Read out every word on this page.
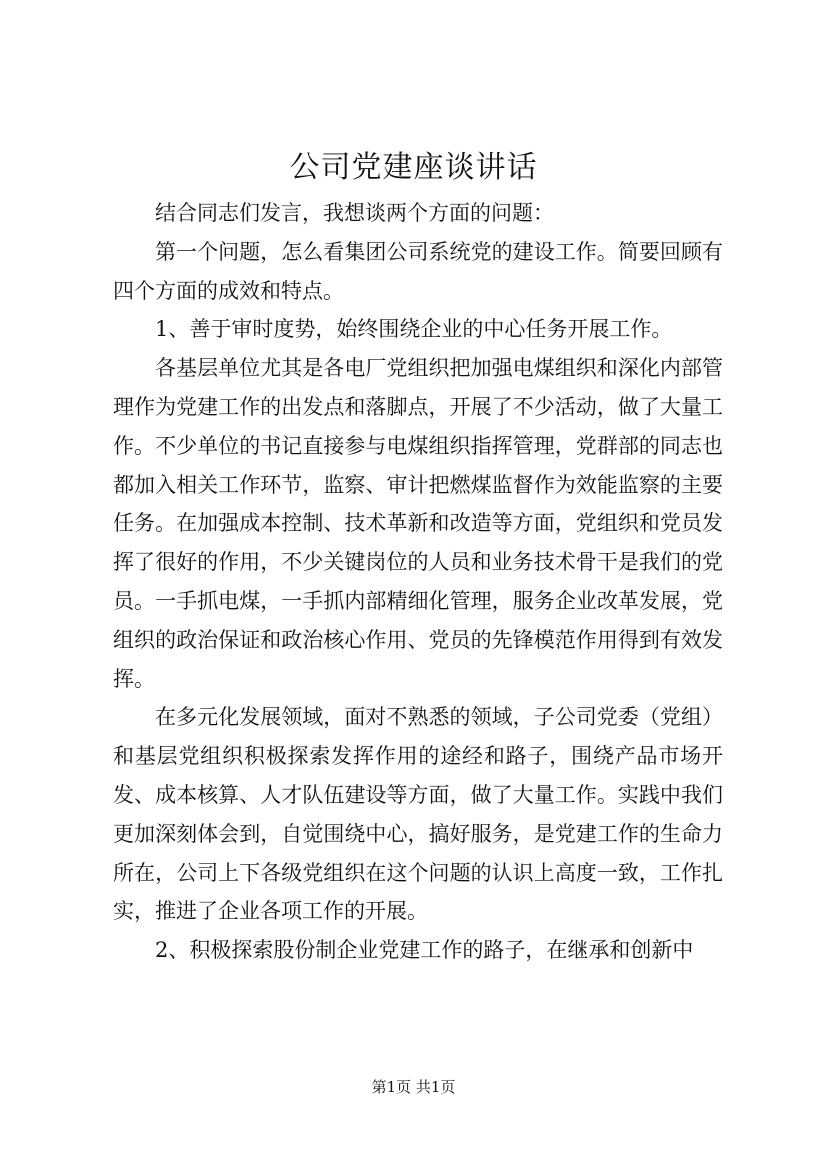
公司党建座谈讲话

结合同志们发言，我想谈两个方面的问题：

第一个问题，怎么看集团公司系统党的建设工作。简要回顾有四个方面的成效和特点。

1、善于审时度势，始终围绕企业的中心任务开展工作。

各基层单位尤其是各电厂党组织把加强电煤组织和深化内部管理作为党建工作的出发点和落脚点，开展了不少活动，做了大量工作。不少单位的书记直接参与电煤组织指挥管理，党群部的同志也都加入相关工作环节，监察、审计把燃煤监督作为效能监察的主要任务。在加强成本控制、技术革新和改造等方面，党组织和党员发挥了很好的作用，不少关键岗位的人员和业务技术骨干是我们的党员。一手抓电煤，一手抓内部精细化管理，服务企业改革发展，党组织的政治保证和政治核心作用、党员的先锋模范作用得到有效发挥。

在多元化发展领域，面对不熟悉的领域，子公司党委（党组）和基层党组织积极探索发挥作用的途经和路子，围绕产品市场开发、成本核算、人才队伍建设等方面，做了大量工作。实践中我们更加深刻体会到，自觉围绕中心，搞好服务，是党建工作的生命力所在，公司上下各级党组织在这个问题的认识上高度一致，工作扎实，推进了企业各项工作的开展。

2、积极探索股份制企业党建工作的路子，在继承和创新中

第1页 共1页
